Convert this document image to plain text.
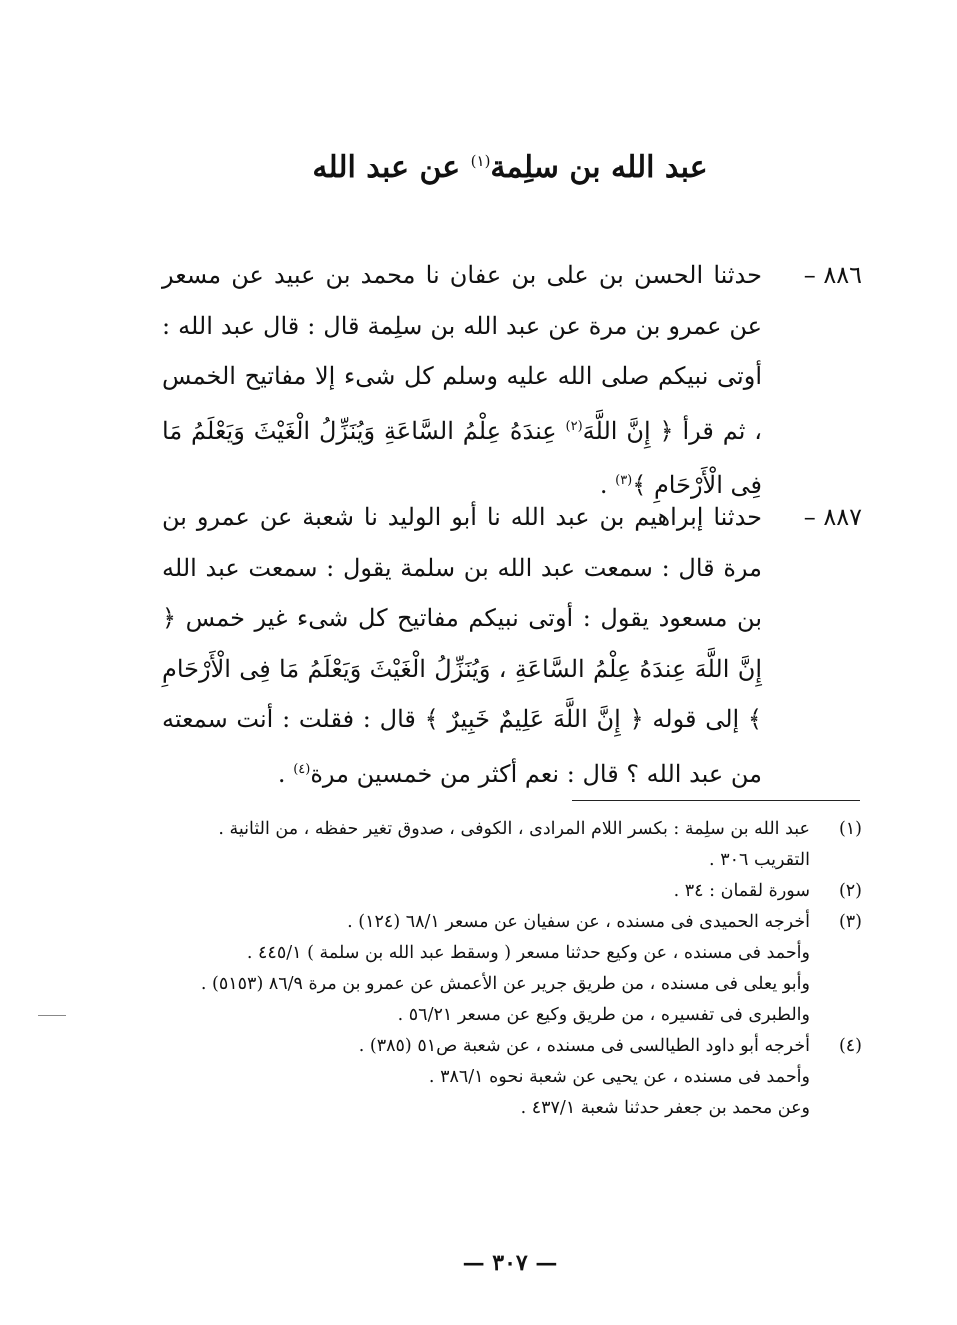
عبد الله بن سلِمة$^{(١)}$ عن عبد الله
٨٨٦ –
حدثنا الحسن بن على بن عفان نا محمد بن عبيد عن مسعر عن عمرو بن مرة عن عبد الله بن سلِمة قال : قال عبد الله : أوتى نبيكم صلى الله عليه وسلم كل شىء إلا مفاتيح الخمس ، ثم قرأ ﴿ إِنَّ اللَّهَ$^{(٢)}$ عِندَهُ عِلْمُ السَّاعَةِ وَيُنَزِّلُ الْغَيْثَ وَيَعْلَمُ مَا فِى الْأَرْحَامِ ﴾$^{(٣)}$ .
٨٨٧ –
حدثنا إبراهيم بن عبد الله نا أبو الوليد نا شعبة عن عمرو بن مرة قال : سمعت عبد الله بن سلمة يقول : سمعت عبد الله بن مسعود يقول : أوتى نبيكم مفاتيح كل شىء غير خمس ﴿ إِنَّ اللَّهَ عِندَهُ عِلْمُ السَّاعَةِ ، وَيُنَزِّلُ الْغَيْثَ وَيَعْلَمُ مَا فِى الْأَرْحَامِ ﴾ إلى قوله ﴿ إِنَّ اللَّهَ عَلِيمٌ خَبِيرٌ ﴾ قال : فقلت : أنت سمعته من عبد الله ؟ قال : نعم أكثر من خمسين مرة$^{(٤)}$ .
(١)
عبد الله بن سلِمة : بكسر اللام المرادى ، الكوفى ، صدوق تغير حفظه ، من الثانية .
التقريب ٣٠٦ .
(٢)
سورة لقمان : ٣٤ .
(٣)
أخرجه الحميدى فى مسنده ، عن سفيان عن مسعر ٦٨/١ (١٢٤) .
وأحمد فى مسنده ، عن وكيع حدثنا مسعر ( وسقط عبد الله بن سلمة ) ٤٤٥/١ .
وأبو يعلى فى مسنده ، من طريق جرير عن الأعمش عن عمرو بن مرة ٨٦/٩ (٥١٥٣) .
والطبرى فى تفسيره ، من طريق وكيع عن مسعر ٥٦/٢١ .
(٤)
أخرجه أبو داود الطيالسى فى مسنده ، عن شعبة ص٥١ (٣٨٥) .
وأحمد فى مسنده ، عن يحيى عن شعبة نحوه ٣٨٦/١ .
وعن محمد بن جعفر حدثنا شعبة ٤٣٧/١ .
— ٣٠٧ —
